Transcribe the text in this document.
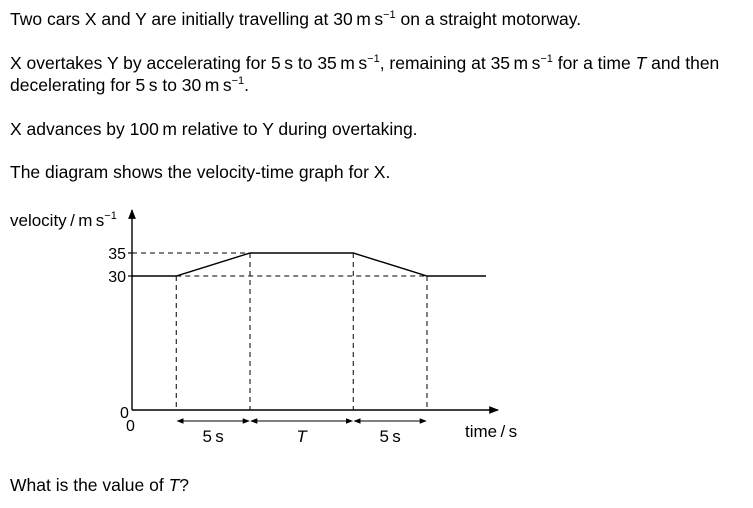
Two cars X and Y are initially travelling at 30 m $s^{-1}$ on a straight motorway.

X overtakes Y by accelerating for 5 s to 35 m $s^{-1}$, remaining at 35 m $s^{-1}$ for a time T and then

decelerating for 5 s to 30 m $s^{-1}$.

X advances by 100 m relative to Y during overtaking.

The diagram shows the velocity-time graph for X.

35
30
5 s	T	5 s
velocity / m $s^{-1}$
time / s
0
0

What is the value of T?
